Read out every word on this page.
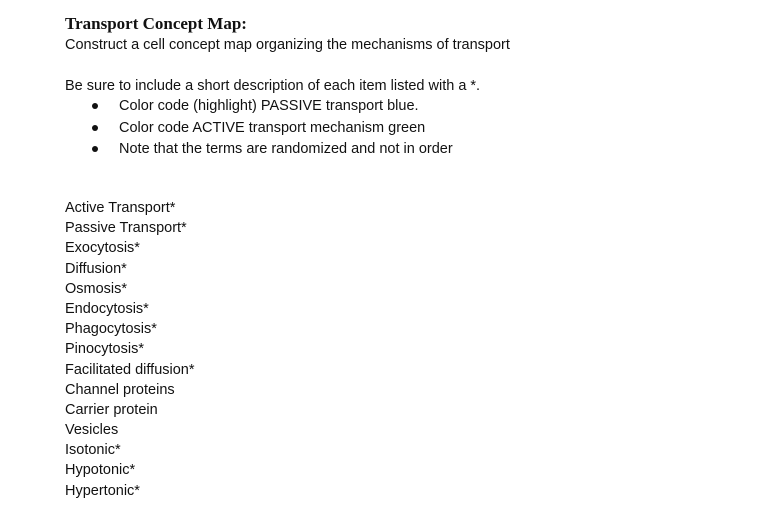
Transport Concept Map:
Construct a cell concept map organizing the mechanisms of transport
Be sure to include a short description of each item listed with a *.
Color code (highlight) PASSIVE transport blue.
Color code ACTIVE transport mechanism green
Note that the terms are randomized and not in order
Active Transport*
Passive Transport*
Exocytosis*
Diffusion*
Osmosis*
Endocytosis*
Phagocytosis*
Pinocytosis*
Facilitated diffusion*
Channel proteins
Carrier protein
Vesicles
Isotonic*
Hypotonic*
Hypertonic*
